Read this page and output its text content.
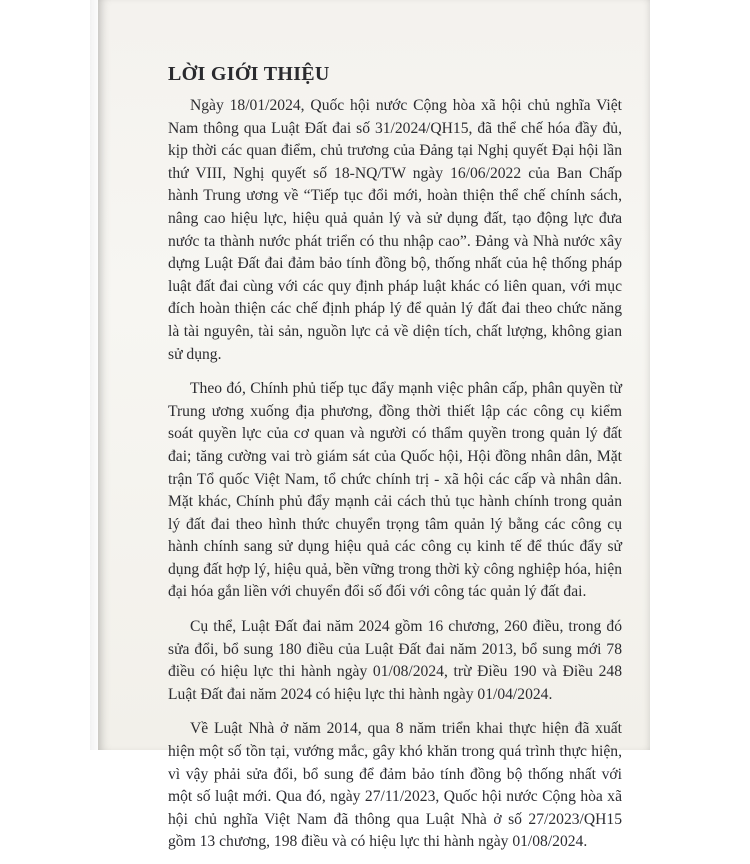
LỜI GIỚI THIỆU

Ngày 18/01/2024, Quốc hội nước Cộng hòa xã hội chủ nghĩa Việt Nam thông qua Luật Đất đai số 31/2024/QH15, đã thể chế hóa đầy đủ, kịp thời các quan điểm, chủ trương của Đảng tại Nghị quyết Đại hội lần thứ VIII, Nghị quyết số 18-NQ/TW ngày 16/06/2022 của Ban Chấp hành Trung ương về “Tiếp tục đổi mới, hoàn thiện thể chế chính sách, nâng cao hiệu lực, hiệu quả quản lý và sử dụng đất, tạo động lực đưa nước ta thành nước phát triển có thu nhập cao”. Đảng và Nhà nước xây dựng Luật Đất đai đảm bảo tính đồng bộ, thống nhất của hệ thống pháp luật đất đai cùng với các quy định pháp luật khác có liên quan, với mục đích hoàn thiện các chế định pháp lý để quản lý đất đai theo chức năng là tài nguyên, tài sản, nguồn lực cả về diện tích, chất lượng, không gian sử dụng.

Theo đó, Chính phủ tiếp tục đẩy mạnh việc phân cấp, phân quyền từ Trung ương xuống địa phương, đồng thời thiết lập các công cụ kiểm soát quyền lực của cơ quan và người có thẩm quyền trong quản lý đất đai; tăng cường vai trò giám sát của Quốc hội, Hội đồng nhân dân, Mặt trận Tổ quốc Việt Nam, tổ chức chính trị - xã hội các cấp và nhân dân. Mặt khác, Chính phủ đẩy mạnh cải cách thủ tục hành chính trong quản lý đất đai theo hình thức chuyển trọng tâm quản lý bằng các công cụ hành chính sang sử dụng hiệu quả các công cụ kinh tế để thúc đẩy sử dụng đất hợp lý, hiệu quả, bền vững trong thời kỳ công nghiệp hóa, hiện đại hóa gắn liền với chuyển đổi số đối với công tác quản lý đất đai.

Cụ thể, Luật Đất đai năm 2024 gồm 16 chương, 260 điều, trong đó sửa đổi, bổ sung 180 điều của Luật Đất đai năm 2013, bổ sung mới 78 điều có hiệu lực thi hành ngày 01/08/2024, trừ Điều 190 và Điều 248 Luật Đất đai năm 2024 có hiệu lực thi hành ngày 01/04/2024.

Về Luật Nhà ở năm 2014, qua 8 năm triển khai thực hiện đã xuất hiện một số tồn tại, vướng mắc, gây khó khăn trong quá trình thực hiện, vì vậy phải sửa đổi, bổ sung để đảm bảo tính đồng bộ thống nhất với một số luật mới. Qua đó, ngày 27/11/2023, Quốc hội nước Cộng hòa xã hội chủ nghĩa Việt Nam đã thông qua Luật Nhà ở số 27/2023/QH15 gồm 13 chương, 198 điều và có hiệu lực thi hành ngày 01/08/2024.
